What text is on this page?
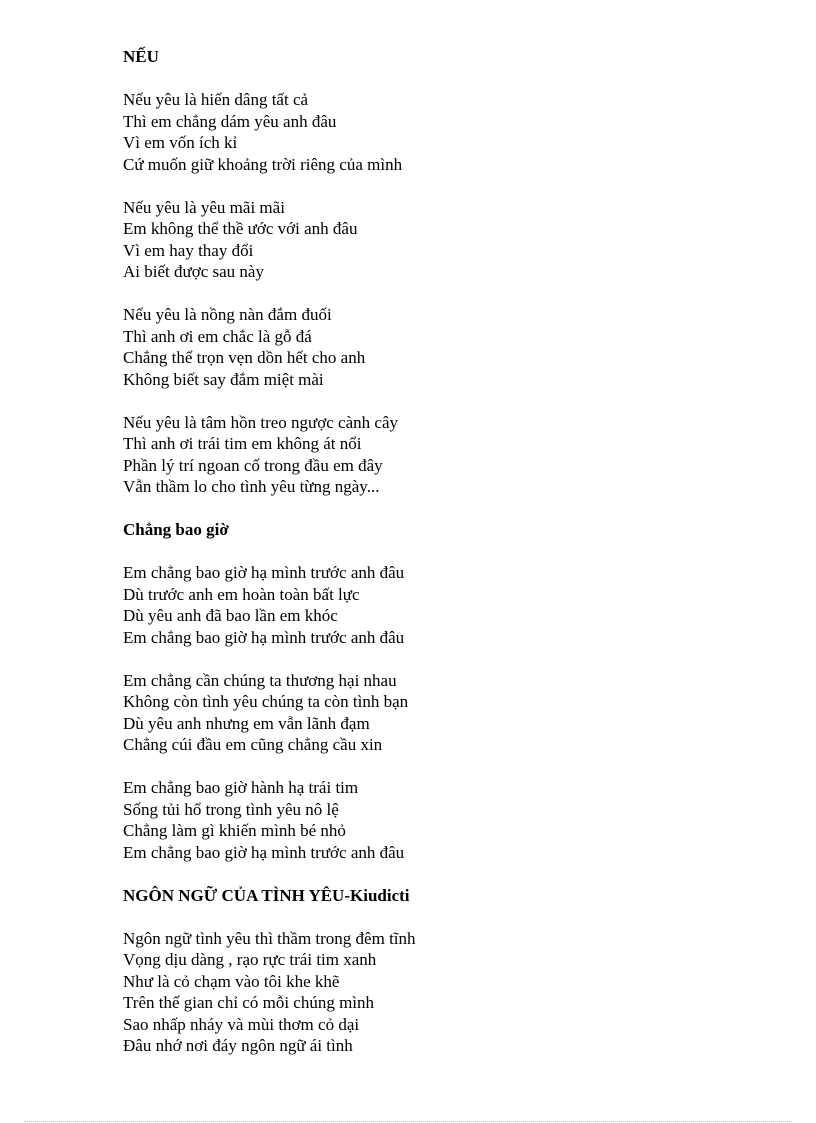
NẾU
Nếu yêu là hiến dâng tất cả
Thì em chẳng dám yêu anh đâu
Vì em vốn ích kỉ
Cứ muốn giữ khoảng trời riêng của mình
Nếu yêu là yêu mãi mãi
Em không thể thề ước với anh đâu
Vì em hay thay đổi
Ai biết được sau này
Nếu yêu là nồng nàn đắm đuối
Thì anh ơi em chắc là gỗ đá
Chẳng thể trọn vẹn dồn hết cho anh
Không biết say đắm miệt mài
Nếu yêu là tâm hồn treo ngược cành cây
Thì anh ơi trái tim em không át nổi
Phần lý trí ngoan cố trong đầu em đây
Vẫn thầm lo cho tình yêu từng ngày...
Chẳng bao giờ
Em chẳng bao giờ hạ mình trước anh đâu
Dù trước anh em hoàn toàn bất lực
Dù yêu anh đã bao lần em khóc
Em chẳng bao giờ hạ mình trước anh đâu
Em chẳng cần chúng ta thương hại nhau
Không còn tình yêu chúng ta còn tình bạn
Dù yêu anh nhưng em vẫn lãnh đạm
Chẳng cúi đầu em cũng chẳng cầu xin
Em chẳng bao giờ hành hạ trái tim
Sống tủi hổ trong tình yêu nô lệ
Chẳng làm gì khiến mình bé nhỏ
Em chẳng bao giờ hạ mình trước anh đâu
NGÔN NGỮ CỦA TÌNH YÊU-Kiudicti
Ngôn ngữ tình yêu thì thầm trong đêm tĩnh
Vọng dịu dàng , rạo rực trái tim xanh
Như là cỏ chạm vào tôi khe khẽ
Trên thế gian chỉ có mỗi chúng mình
Sao nhấp nháy và mùi thơm cỏ dại
Đâu nhớ nơi đáy ngôn ngữ ái tình
